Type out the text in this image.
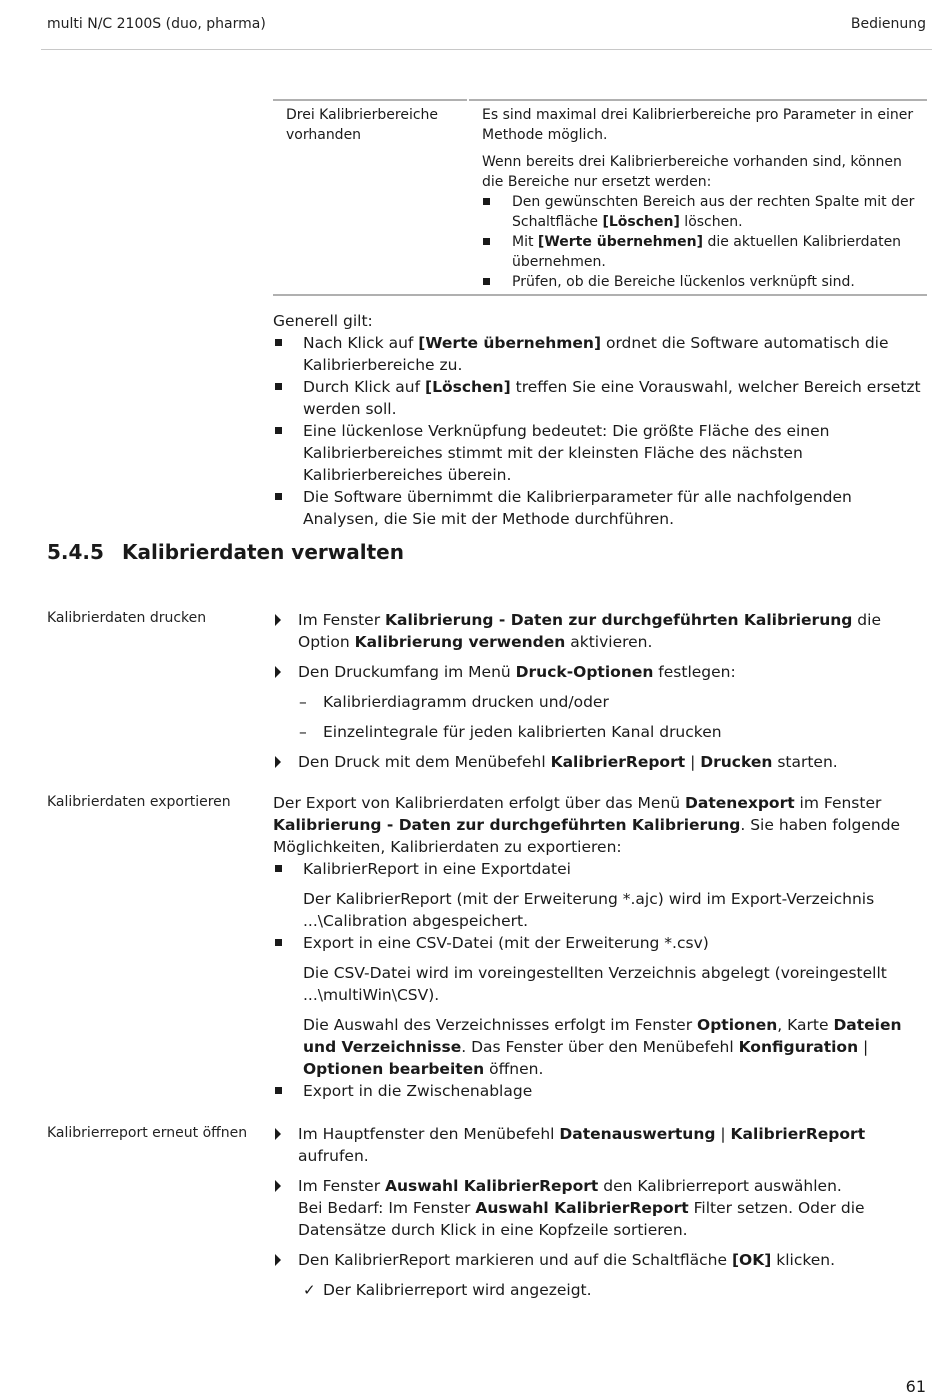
multi N/C 2100S (duo, pharma)	Bedienung
Drei Kalibrierbereiche vorhanden

Es sind maximal drei Kalibrierbereiche pro Parameter in einer Methode möglich.

Wenn bereits drei Kalibrierbereiche vorhanden sind, können die Bereiche nur ersetzt werden:

Den gewünschten Bereich aus der rechten Spalte mit der Schaltfläche [Löschen] löschen.
Mit [Werte übernehmen] die aktuellen Kalibrierdaten übernehmen.
Prüfen, ob die Bereiche lückenlos verknüpft sind.
Generell gilt:
Nach Klick auf [Werte übernehmen] ordnet die Software automatisch die Kalibrierbereiche zu.
Durch Klick auf [Löschen] treffen Sie eine Vorauswahl, welcher Bereich ersetzt werden soll.
Eine lückenlose Verknüpfung bedeutet: Die größte Fläche des einen Kalibrierbereiches stimmt mit der kleinsten Fläche des nächsten Kalibrierbereiches überein.
Die Software übernimmt die Kalibrierparameter für alle nachfolgenden Analysen, die Sie mit der Methode durchführen.
5.4.5 Kalibrierdaten verwalten
Kalibrierdaten drucken	Im Fenster Kalibrierung - Daten zur durchgeführten Kalibrierung die Option Kalibrierung verwenden aktivieren.
Den Druckumfang im Menü Druck-Optionen festlegen:
– Kalibrierdiagramm drucken und/oder
– Einzelintegrale für jeden kalibrierten Kanal drucken
Den Druck mit dem Menübefehl KalibrierReport | Drucken starten.
Kalibrierdaten exportieren	Der Export von Kalibrierdaten erfolgt über das Menü Datenexport im Fenster Kalibrierung - Daten zur durchgeführten Kalibrierung. Sie haben folgende Möglichkeiten, Kalibrierdaten zu exportieren:
KalibrierReport in eine Exportdatei
Der KalibrierReport (mit der Erweiterung *.ajc) wird im Export-Verzeichnis ...\Calibration abgespeichert.
Export in eine CSV-Datei (mit der Erweiterung *.csv)
Die CSV-Datei wird im voreingestellten Verzeichnis abgelegt (voreingestellt ...\multiWin\CSV).
Die Auswahl des Verzeichnisses erfolgt im Fenster Optionen, Karte Dateien und Verzeichnisse. Das Fenster über den Menübefehl Konfiguration | Optionen bearbeiten öffnen.
Export in die Zwischenablage
Kalibrierreport erneut öffnen	Im Hauptfenster den Menübefehl Datenauswertung | KalibrierReport aufrufen.
Im Fenster Auswahl KalibrierReport den Kalibrierreport auswählen.
Bei Bedarf: Im Fenster Auswahl KalibrierReport Filter setzen. Oder die Datensätze durch Klick in eine Kopfzeile sortieren.
Den KalibrierReport markieren und auf die Schaltfläche [OK] klicken.
✓ Der Kalibrierreport wird angezeigt.
61
